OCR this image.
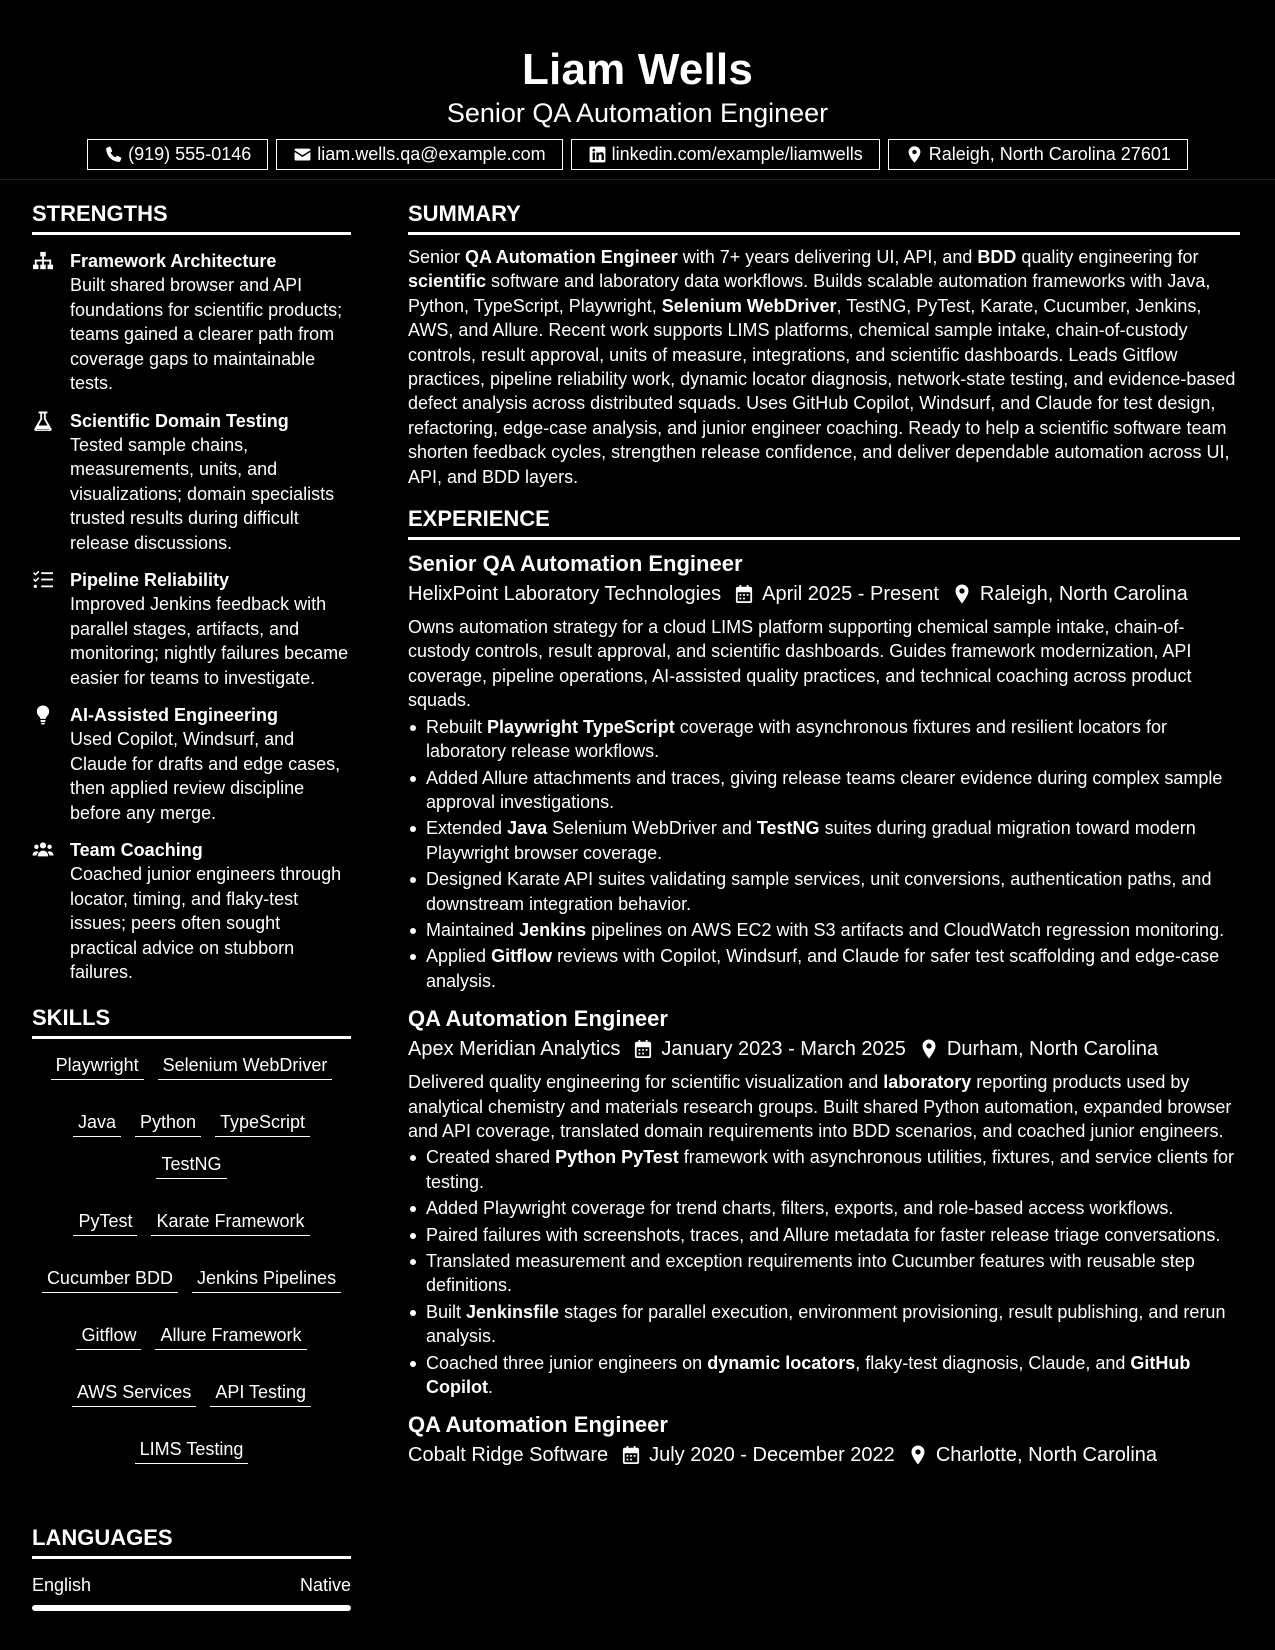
Liam Wells
Senior QA Automation Engineer
(919) 555-0146	liam.wells.qa@example.com	linkedin.com/example/liamwells	Raleigh, North Carolina 27601
STRENGTHS
Framework Architecture
Built shared browser and API foundations for scientific products; teams gained a clearer path from coverage gaps to maintainable tests.
Scientific Domain Testing
Tested sample chains, measurements, units, and visualizations; domain specialists trusted results during difficult release discussions.
Pipeline Reliability
Improved Jenkins feedback with parallel stages, artifacts, and monitoring; nightly failures became easier for teams to investigate.
AI-Assisted Engineering
Used Copilot, Windsurf, and Claude for drafts and edge cases, then applied review discipline before any merge.
Team Coaching
Coached junior engineers through locator, timing, and flaky-test issues; peers often sought practical advice on stubborn failures.
SKILLS
Playwright Selenium WebDriver
Java Python TypeScript
TestNG
PyTest Karate Framework
Cucumber BDD Jenkins Pipelines
Gitflow Allure Framework
AWS Services API Testing
LIMS Testing
LANGUAGES
English	Native
SUMMARY
Senior QA Automation Engineer with 7+ years delivering UI, API, and BDD quality engineering for scientific software and laboratory data workflows. Builds scalable automation frameworks with Java, Python, TypeScript, Playwright, Selenium WebDriver, TestNG, PyTest, Karate, Cucumber, Jenkins, AWS, and Allure. Recent work supports LIMS platforms, chemical sample intake, chain-of-custody controls, result approval, units of measure, integrations, and scientific dashboards. Leads Gitflow practices, pipeline reliability work, dynamic locator diagnosis, network-state testing, and evidence-based defect analysis across distributed squads. Uses GitHub Copilot, Windsurf, and Claude for test design, refactoring, edge-case analysis, and junior engineer coaching. Ready to help a scientific software team shorten feedback cycles, strengthen release confidence, and deliver dependable automation across UI, API, and BDD layers.
EXPERIENCE
Senior QA Automation Engineer
HelixPoint Laboratory Technologies April 2025 - Present Raleigh, North Carolina
Owns automation strategy for a cloud LIMS platform supporting chemical sample intake, chain-of-custody controls, result approval, and scientific dashboards. Guides framework modernization, API coverage, pipeline operations, AI-assisted quality practices, and technical coaching across product squads.
Rebuilt Playwright TypeScript coverage with asynchronous fixtures and resilient locators for laboratory release workflows.
Added Allure attachments and traces, giving release teams clearer evidence during complex sample approval investigations.
Extended Java Selenium WebDriver and TestNG suites during gradual migration toward modern Playwright browser coverage.
Designed Karate API suites validating sample services, unit conversions, authentication paths, and downstream integration behavior.
Maintained Jenkins pipelines on AWS EC2 with S3 artifacts and CloudWatch regression monitoring.
Applied Gitflow reviews with Copilot, Windsurf, and Claude for safer test scaffolding and edge-case analysis.
QA Automation Engineer
Apex Meridian Analytics January 2023 - March 2025 Durham, North Carolina
Delivered quality engineering for scientific visualization and laboratory reporting products used by analytical chemistry and materials research groups. Built shared Python automation, expanded browser and API coverage, translated domain requirements into BDD scenarios, and coached junior engineers.
Created shared Python PyTest framework with asynchronous utilities, fixtures, and service clients for testing.
Added Playwright coverage for trend charts, filters, exports, and role-based access workflows.
Paired failures with screenshots, traces, and Allure metadata for faster release triage conversations.
Translated measurement and exception requirements into Cucumber features with reusable step definitions.
Built Jenkinsfile stages for parallel execution, environment provisioning, result publishing, and rerun analysis.
Coached three junior engineers on dynamic locators, flaky-test diagnosis, Claude, and GitHub Copilot.
QA Automation Engineer
Cobalt Ridge Software July 2020 - December 2022 Charlotte, North Carolina
